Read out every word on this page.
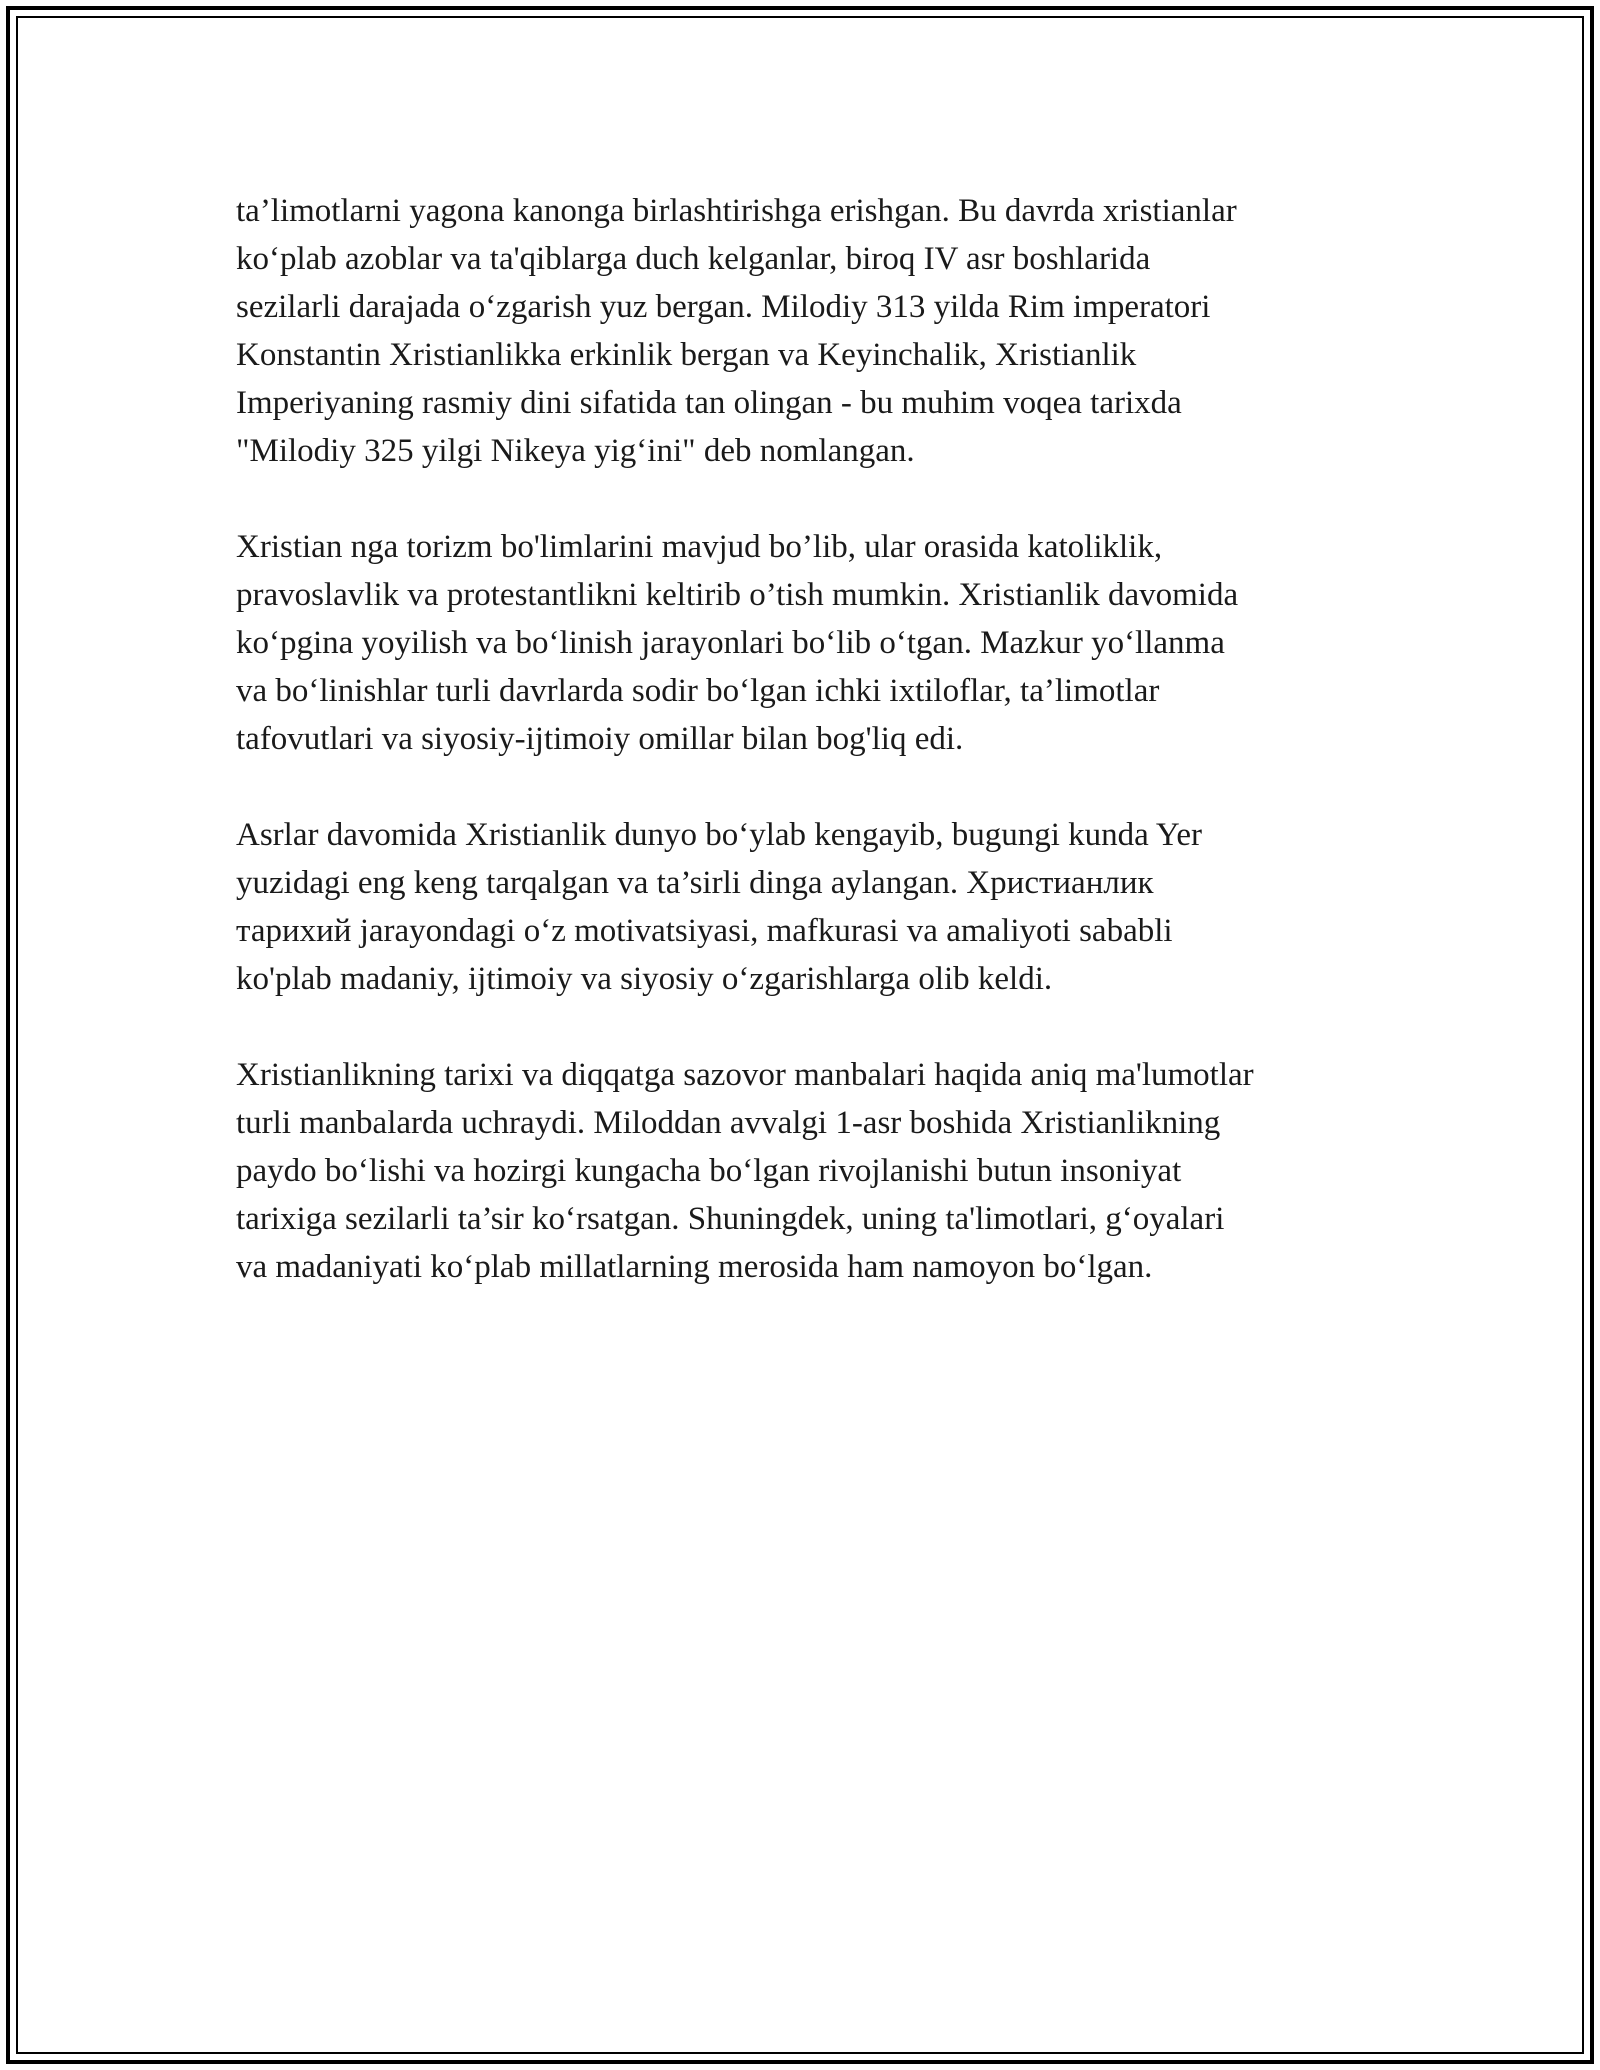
ta’limotlarni yagona kanonga birlashtirishga erishgan. Bu davrda xristianlar
ko‘plab azoblar va ta'qiblarga duch kelganlar, biroq IV asr boshlarida
sezilarli darajada o‘zgarish yuz bergan. Milodiy 313 yilda Rim imperatori
Konstantin Xristianlikka erkinlik bergan va Keyinchalik, Xristianlik
Imperiyaning rasmiy dini sifatida tan olingan - bu muhim voqea tarixda
"Milodiy 325 yilgi Nikeya yig‘ini" deb nomlangan.

Xristian nga torizm bo'limlarini mavjud bo’lib, ular orasida katoliklik,
pravoslavlik va protestantlikni keltirib o’tish mumkin. Xristianlik davomida
ko‘pgina yoyilish va bo‘linish jarayonlari bo‘lib o‘tgan. Mazkur yo‘llanma
va bo‘linishlar turli davrlarda sodir bo‘lgan ichki ixtiloflar, ta’limotlar
tafovutlari va siyosiy-ijtimoiy omillar bilan bog'liq edi.

Asrlar davomida Xristianlik dunyo bo‘ylab kengayib, bugungi kunda Yer
yuzidagi eng keng tarqalgan va ta’sirli dinga aylangan. Христианлик
тарихий jarayondagi o‘z motivatsiyasi, mafkurasi va amaliyoti sababli
ko'plab madaniy, ijtimoiy va siyosiy o‘zgarishlarga olib keldi.

Xristianlikning tarixi va diqqatga sazovor manbalari haqida aniq ma'lumotlar
turli manbalarda uchraydi. Miloddan avvalgi 1-asr boshida Xristianlikning
paydo bo‘lishi va hozirgi kungacha bo‘lgan rivojlanishi butun insoniyat
tarixiga sezilarli ta’sir ko‘rsatgan. Shuningdek, uning ta'limotlari, g‘oyalari
va madaniyati ko‘plab millatlarning merosida ham namoyon bo‘lgan.
